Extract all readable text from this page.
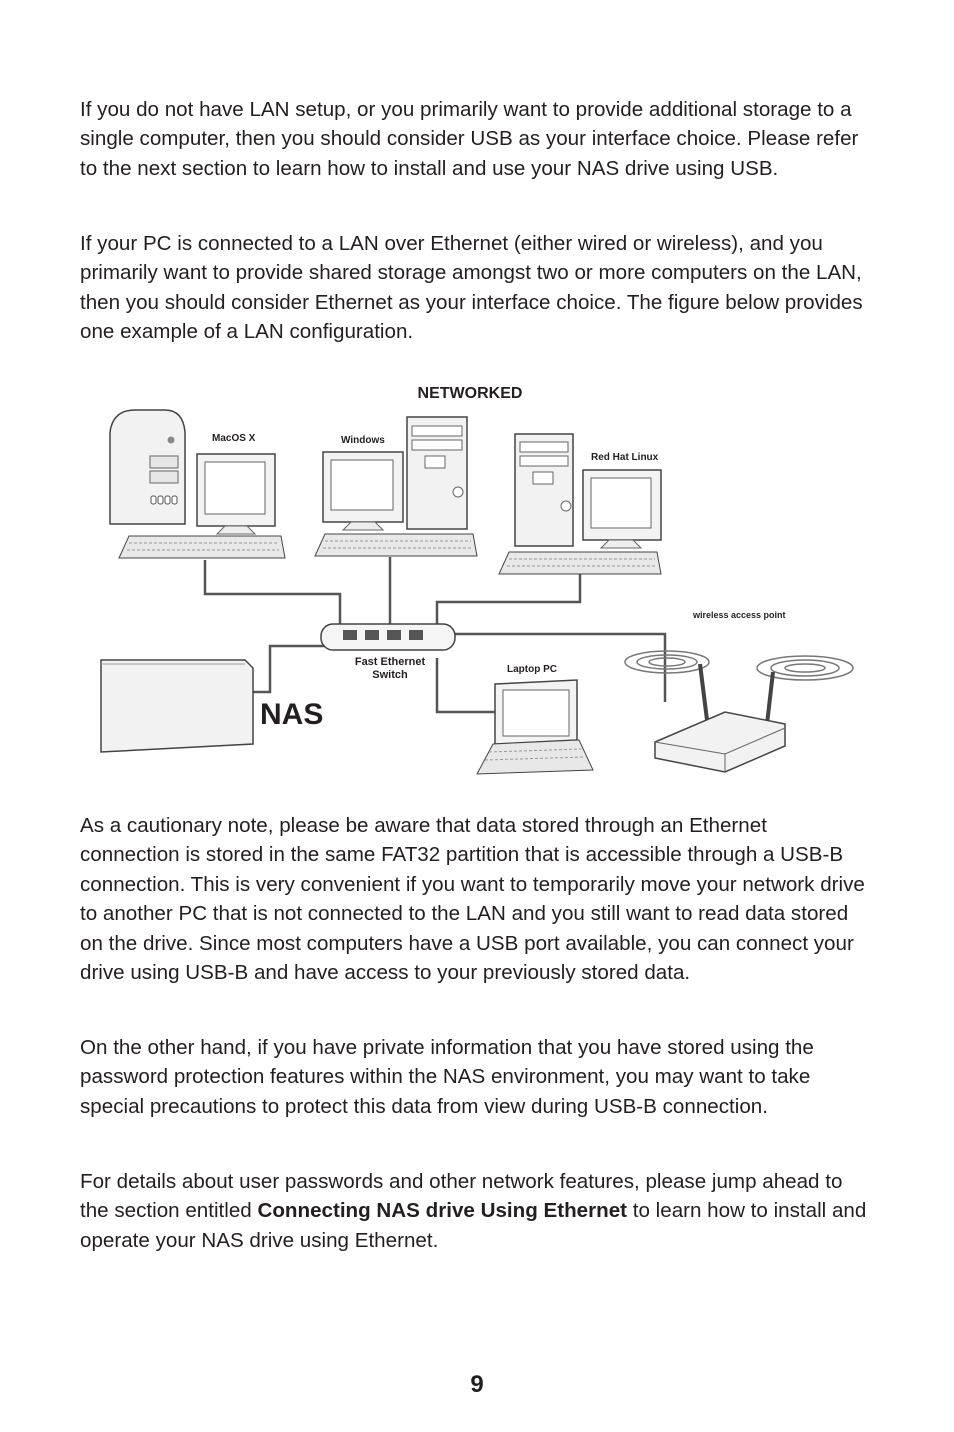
If you do not have LAN setup, or you primarily want to provide additional storage to a single computer, then you should consider USB as your interface choice. Please refer to the next section to learn how to install and use your NAS drive using USB.

If your PC is connected to a LAN over Ethernet (either wired or wireless), and you primarily want to provide shared storage amongst two or more computers on the LAN, then you should consider Ethernet as your interface choice. The figure below provides one example of a LAN configuration.

NETWORKED
MacOS X	Windows
Red Hat Linux
Fast Ethernet
Switch
NAS
Laptop PC
wireless access point

As a cautionary note, please be aware that data stored through an Ethernet connection is stored in the same FAT32 partition that is accessible through a USB-B connection. This is very convenient if you want to temporarily move your network drive to another PC that is not connected to the LAN and you still want to read data stored on the drive. Since most computers have a USB port available, you can connect your drive using USB-B and have access to your previously stored data.

On the other hand, if you have private information that you have stored using the password protection features within the NAS environment, you may want to take special precautions to protect this data from view during USB-B connection.

For details about user passwords and other network features, please jump ahead to the section entitled Connecting NAS drive Using Ethernet to learn how to install and operate your NAS drive using Ethernet.

9
